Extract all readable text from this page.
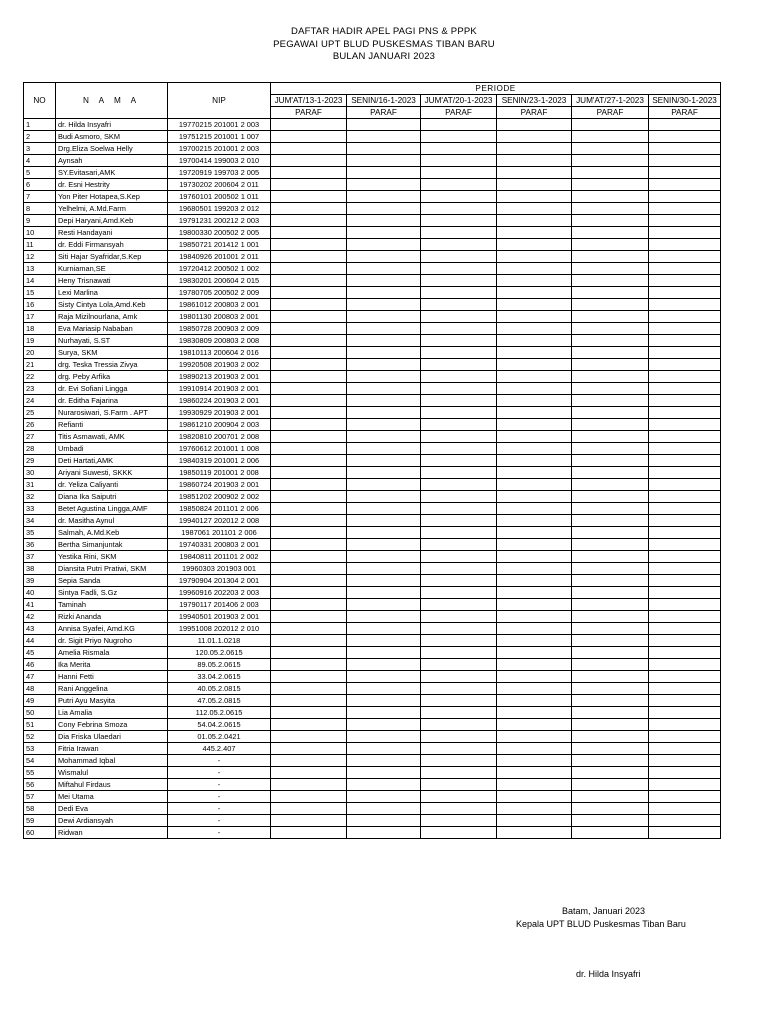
DAFTAR HADIR APEL PAGI PNS & PPPK
PEGAWAI UPT BLUD PUSKESMAS TIBAN BARU
BULAN JANUARI 2023
NO	N A M A	NIP	PERIODE					
			JUM'AT/13-1-2023	SENIN/16-1-2023	JUM'AT/20-1-2023	SENIN/23-1-2023	JUM'AT/27-1-2023	SENIN/30-1-2023
			PARAF	PARAF	PARAF	PARAF	PARAF	PARAF
1	dr. Hilda Insyafri	19770215 201001 2 003						
2	Budi Asmoro, SKM	19751215 201001 1 007						
3	Drg.Eliza Soelwa Helly	19700215 201001 2 003						
4	Aynsah	19700414 199003 2 010						
5	SY.Evitasari,AMK	19720919 199703 2 005						
6	dr. Esni Hestrity	19730202 200604 2 011						
7	Yon Piter Hotapea,S.Kep	19760101 200502 1 011						
8	Yelhelmi, A.Md.Farm	19680501 199203 2 012						
9	Depi Haryani,Amd.Keb	19791231 200212 2 003						
10	Resti Handayani	19800330 200502 2 005						
11	dr. Eddi Firmansyah	19850721 201412 1 001						
12	Siti Hajar Syafridar,S.Kep	19840926 201001 2 011						
13	Kurniaman,SE	19720412 200502 1 002						
14	Heny Trisnawati	19830201 200604 2 015						
15	Lexi Marlina	19780705 200502 2 009						
16	Sisty Cintya Lola,Amd.Keb	19861012 200803 2 001						
17	Raja Mizilnourlana, Amk	19801130 200803 2 001						
18	Eva Mariasip Nababan	19850728 200903 2 009						
19	Nurhayati, S.ST	19830809 200803 2 008						
20	Surya, SKM	19810113 200604 2 016						
21	drg. Teska Tressia Zivya	19920508 201903 2 002						
22	drg. Peby Arfika	19890213 201903 2 001						
23	dr. Evi Sofiani Lingga	19910914 201903 2 001						
24	dr. Editha Fajarina	19860224 201903 2 001						
25	Nurarosiwari, S.Farm . APT	19930929 201903 2 001						
26	Refianti	19861210 200904 2 003						
27	Titis Asmawati, AMK	19820810 200701 2 008						
28	Umbadi	19760612 201001 1 008						
29	Deti Hartati,AMK	19840319 201001 2 006						
30	Ariyani Suwesti, SKKK	19850119 201001 2 008						
31	dr. Yeliza Caliyanti	19860724 201903 2 001						
32	Diana Ika Saiputri	19851202 200902 2 002						
33	Betet Agustina Lingga,AMF	19850824 201101 2 006						
34	dr. Masitha Aynul	19940127 202012 2 008						
35	Salmah, A.Md.Keb	1987061 201101 2 006						
36	Bertha Simanjuntak	19740331 200803 2 001						
37	Yestika Rini, SKM	19840811 201101 2 002						
38	Diansita Putri Pratiwi, SKM	19960303 201903 001						
39	Sepia Sanda	19790904 201304 2 001						
40	Sintya Fadli, S.Gz	19960916 202203 2 003						
41	Taminah	19790117 201406 2 003						
42	Rizki Ananda	19940501 201903 2 001						
43	Annisa Syafei, Amd.KG	19951008 202012 2 010						
44	dr. Sigit Priyo Nugroho	11.01.1.0218						
45	Amelia Rismala	120.05.2.0615						
46	Ika Merita	89.05.2.0615						
47	Hanni Fetti	33.04.2.0615						
48	Rani Anggelina	40.05.2.0815						
49	Putri Ayu Masyita	47.05.2.0815						
50	Lia Amalia	112.05.2.0615						
51	Cony Febrina Smoza	54.04.2.0615						
52	Dia Friska Ulaedari	01.05.2.0421						
53	Fitria Irawan	445.2.407						
54	Mohammad Iqbal	-						
55	Wismalul	-						
56	Miftahul Firdaus	-						
57	Mei Utama	-						
58	Dedi Eva	-						
59	Dewi Ardiansyah	-						
60	Ridwan	-						
Batam, Januari 2023
Kepala UPT BLUD Puskesmas Tiban Baru
dr. Hilda Insyafri
